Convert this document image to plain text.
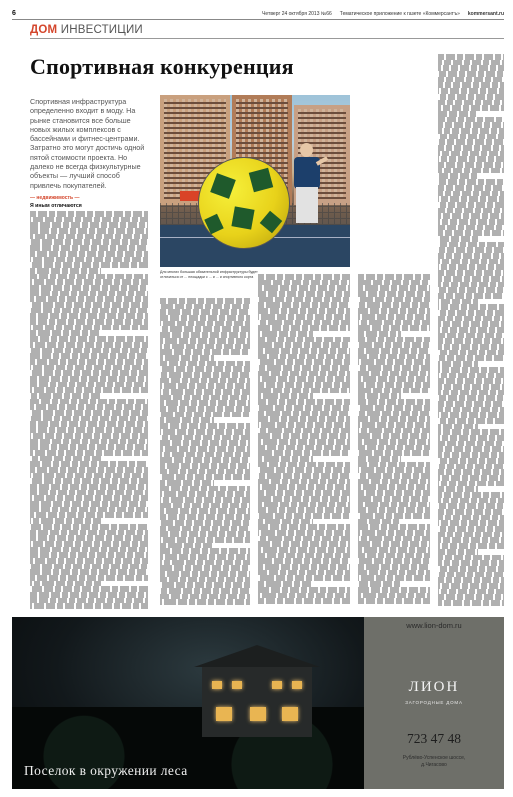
6	Четверг 24 октября 2013 №66 Тематическое приложение к газете «Коммерсантъ» kommersant.ru
ДОМ ИНВЕСТИЦИИ
Спортивная конкуренция

Спортивная инфраструктура определенно входит в моду. На рынке становится все больше новых жилых комплексов с бассейнами и фитнес-центрами. Затратно это могут достичь одной пятой стоимости проекта. Но далеко не всегда физкультурные объекты — лучший способ привлечь покупателей.

— недвижимость —
Я иным отличаются
Для многих большая обязательной инфраструктуры будет отличаться от ... площадки с ... и ... и спортивного корта
Поселок в окружении леса
www.lion-dom.ru
ЛИОН
ЗАГОРОДНЫЕ ДОМА
723 47 48
Рублёво-Успенское шоссе,
д.Чигасово
